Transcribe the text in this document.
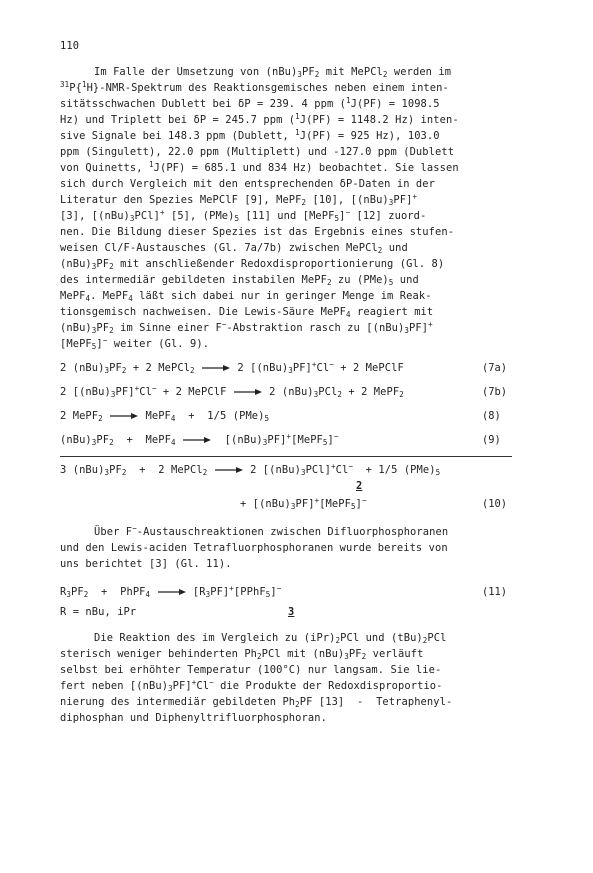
110
Im Falle der Umsetzung von $(nBu)_3PF_2$ mit MePCl$_2$ werden im
$^{31}$P{$^1$H}-NMR-Spektrum des Reaktionsgemisches neben einem inten-
sitätsschwachen Dublett bei δP = 239. 4 ppm ($^1$J(PF) = 1098.5
Hz) und Triplett bei δP = 245.7 ppm ($^1$J(PF) = 1148.2 Hz) inten-
sive Signale bei 148.3 ppm (Dublett, $^1$J(PF) = 925 Hz), 103.0
ppm (Singulett), 22.0 ppm (Multiplett) und -127.0 ppm (Dublett
von Quinetts, $^1$J(PF) = 685.1 und 834 Hz) beobachtet. Sie lassen
sich durch Vergleich mit den entsprechenden δP-Daten in der
Literatur den Spezies MePClF [9], MePF$_2$ [10], $[(nBu)_3PF]^+$
[3], $[(nBu)_3PCl]^+$ [5], $(PMe)_5$ [11] und [MePF$_5$]− [12] zuord-
nen. Die Bildung dieser Spezies ist das Ergebnis eines stufen-
weisen Cl/F-Austausches (Gl. 7a/7b) zwischen MePCl$_2$ und
$(nBu)_3PF_2$ mit anschließender Redoxdisproportionierung (Gl. 8)
des intermediär gebildeten instabilen MePF$_2$ zu $(PMe)_5$ und
MePF$_4$. MePF$_4$ läßt sich dabei nur in geringer Menge im Reak-
tionsgemisch nachweisen. Die Lewis-Säure MePF$_4$ reagiert mit
$(nBu)_3PF_2$ im Sinne einer F−-Abstraktion rasch zu $[(nBu)_3PF]^+$
[MePF$_5$]− weiter (Gl. 9).
2 $(nBu)_3PF_2 + 2$ MePCl$_2$ → 2 $[(nBu)_3PF]^+Cl^- + 2$ MePClF	(7a)
2 $[(nBu)_3PF]^+Cl^- + 2$ MePClF → 2 $(nBu)_3PCl_2 + 2$ MePF$_2$	(7b)
2 MePF$_2$ → MePF$_4$  +  1/5 $(PMe)_5$	(8)
$(nBu)_3PF_2$  +  MePF$_4$ → $[(nBu)_3PF]^+[MePF_5]^-$	(9)
3 $(nBu)_3PF_2 + 2$ MePCl$_2$ → 2 $[(nBu)_3PCl]^+Cl^- + 1/5$ $(PMe)_5$
2
+ $[(nBu)_3PF]^+[MePF_5]^-$	(10)
Über F−-Austauschreaktionen zwischen Difluorphosphoranen
und den Lewis-aciden Tetrafluorphosphoranen wurde bereits von
uns berichtet [3] (Gl. 11).
$R_3PF_2$  +  PhPF$_4$ → $[R_3PF]^+[PPhF_5]^-$	(11)
R = nBu, iPr	3
Die Reaktion des im Vergleich zu $(iPr)_2PCl$ und $(tBu)_2PCl$
sterisch weniger behinderten $Ph_2PCl$ mit $(nBu)_3PF_2$ verläuft
selbst bei erhöhter Temperatur (100°C) nur langsam. Sie lie-
fert neben $[(nBu)_3PF]^+Cl^-$ die Produkte der Redoxdisproportio-
nierung des intermediär gebildeten $Ph_2PF$ [13]  -  Tetraphenyl-
diphosphan und Diphenyltrifluorphosphoran.
